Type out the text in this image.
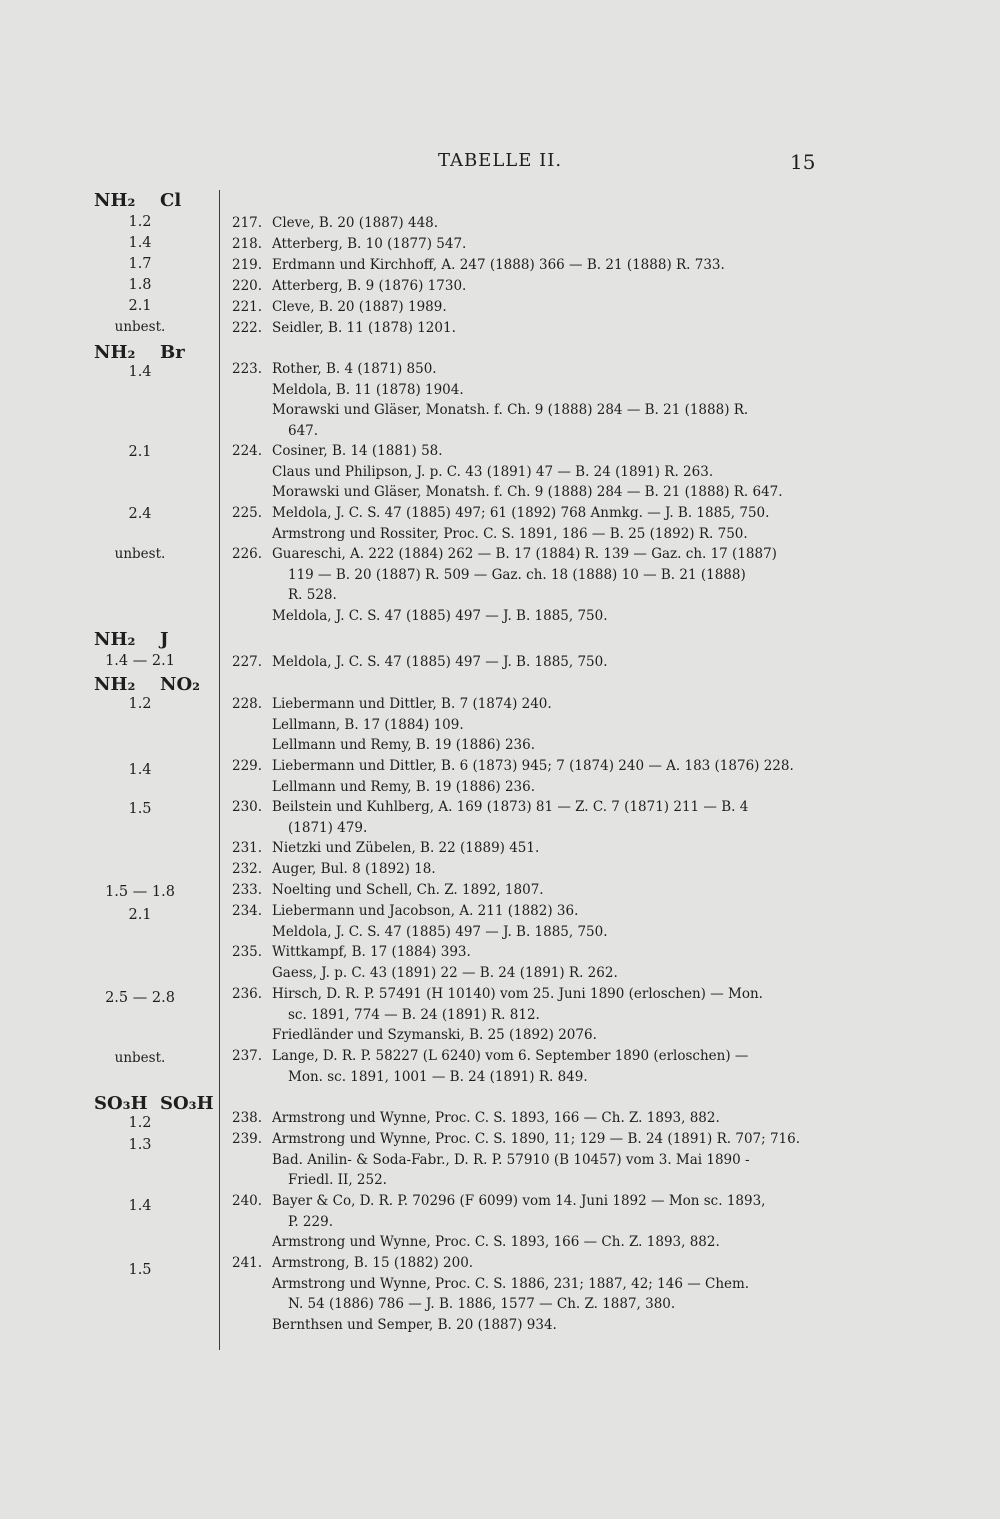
TABELLE II.	15
NH₂ Cl
NH₂ Br
NH₂ J
NH₂ NO₂
SO₃H SO₃H
1.2
1.4
1.7
1.8
2.1
unbest.
1.4
2.1
2.4
unbest.
1.4 — 2.1
1.2
1.4
1.5
1.5 — 1.8
2.1
2.5 — 2.8
unbest.
1.2
1.3
1.4
1.5
217. Cleve, B. 20 (1887) 448.
218. Atterberg, B. 10 (1877) 547.
219. Erdmann und Kirchhoff, A. 247 (1888) 366 — B. 21 (1888) R. 733.
220. Atterberg, B. 9 (1876) 1730.
221. Cleve, B. 20 (1887) 1989.
222. Seidler, B. 11 (1878) 1201.
223. Rother, B. 4 (1871) 850.
Meldola, B. 11 (1878) 1904.
Morawski und Gläser, Monatsh. f. Ch. 9 (1888) 284 — B. 21 (1888) R.
647.
224. Cosiner, B. 14 (1881) 58.
Claus und Philipson, J. p. C. 43 (1891) 47 — B. 24 (1891) R. 263.
Morawski und Gläser, Monatsh. f. Ch. 9 (1888) 284 — B. 21 (1888) R. 647.
225. Meldola, J. C. S. 47 (1885) 497; 61 (1892) 768 Anmkg. — J. B. 1885, 750.
Armstrong und Rossiter, Proc. C. S. 1891, 186 — B. 25 (1892) R. 750.
226. Guareschi, A. 222 (1884) 262 — B. 17 (1884) R. 139 — Gaz. ch. 17 (1887)
119 — B. 20 (1887) R. 509 — Gaz. ch. 18 (1888) 10 — B. 21 (1888)
R. 528.
Meldola, J. C. S. 47 (1885) 497 — J. B. 1885, 750.
227. Meldola, J. C. S. 47 (1885) 497 — J. B. 1885, 750.
228. Liebermann und Dittler, B. 7 (1874) 240.
Lellmann, B. 17 (1884) 109.
Lellmann und Remy, B. 19 (1886) 236.
229. Liebermann und Dittler, B. 6 (1873) 945; 7 (1874) 240 — A. 183 (1876) 228.
Lellmann und Remy, B. 19 (1886) 236.
230. Beilstein und Kuhlberg, A. 169 (1873) 81 — Z. C. 7 (1871) 211 — B. 4
(1871) 479.
231. Nietzki und Zübelen, B. 22 (1889) 451.
232. Auger, Bul. 8 (1892) 18.
233. Noelting und Schell, Ch. Z. 1892, 1807.
234. Liebermann und Jacobson, A. 211 (1882) 36.
Meldola, J. C. S. 47 (1885) 497 — J. B. 1885, 750.
235. Wittkampf, B. 17 (1884) 393.
Gaess, J. p. C. 43 (1891) 22 — B. 24 (1891) R. 262.
236. Hirsch, D. R. P. 57491 (H 10140) vom 25. Juni 1890 (erloschen) — Mon.
sc. 1891, 774 — B. 24 (1891) R. 812.
Friedländer und Szymanski, B. 25 (1892) 2076.
237. Lange, D. R. P. 58227 (L 6240) vom 6. September 1890 (erloschen) —
Mon. sc. 1891, 1001 — B. 24 (1891) R. 849.
238. Armstrong und Wynne, Proc. C. S. 1893, 166 — Ch. Z. 1893, 882.
239. Armstrong und Wynne, Proc. C. S. 1890, 11; 129 — B. 24 (1891) R. 707; 716.
Bad. Anilin- & Soda-Fabr., D. R. P. 57910 (B 10457) vom 3. Mai 1890 -
Friedl. II, 252.
240. Bayer & Co, D. R. P. 70296 (F 6099) vom 14. Juni 1892 — Mon sc. 1893,
P. 229.
Armstrong und Wynne, Proc. C. S. 1893, 166 — Ch. Z. 1893, 882.
241. Armstrong, B. 15 (1882) 200.
Armstrong und Wynne, Proc. C. S. 1886, 231; 1887, 42; 146 — Chem.
N. 54 (1886) 786 — J. B. 1886, 1577 — Ch. Z. 1887, 380.
Bernthsen und Semper, B. 20 (1887) 934.
